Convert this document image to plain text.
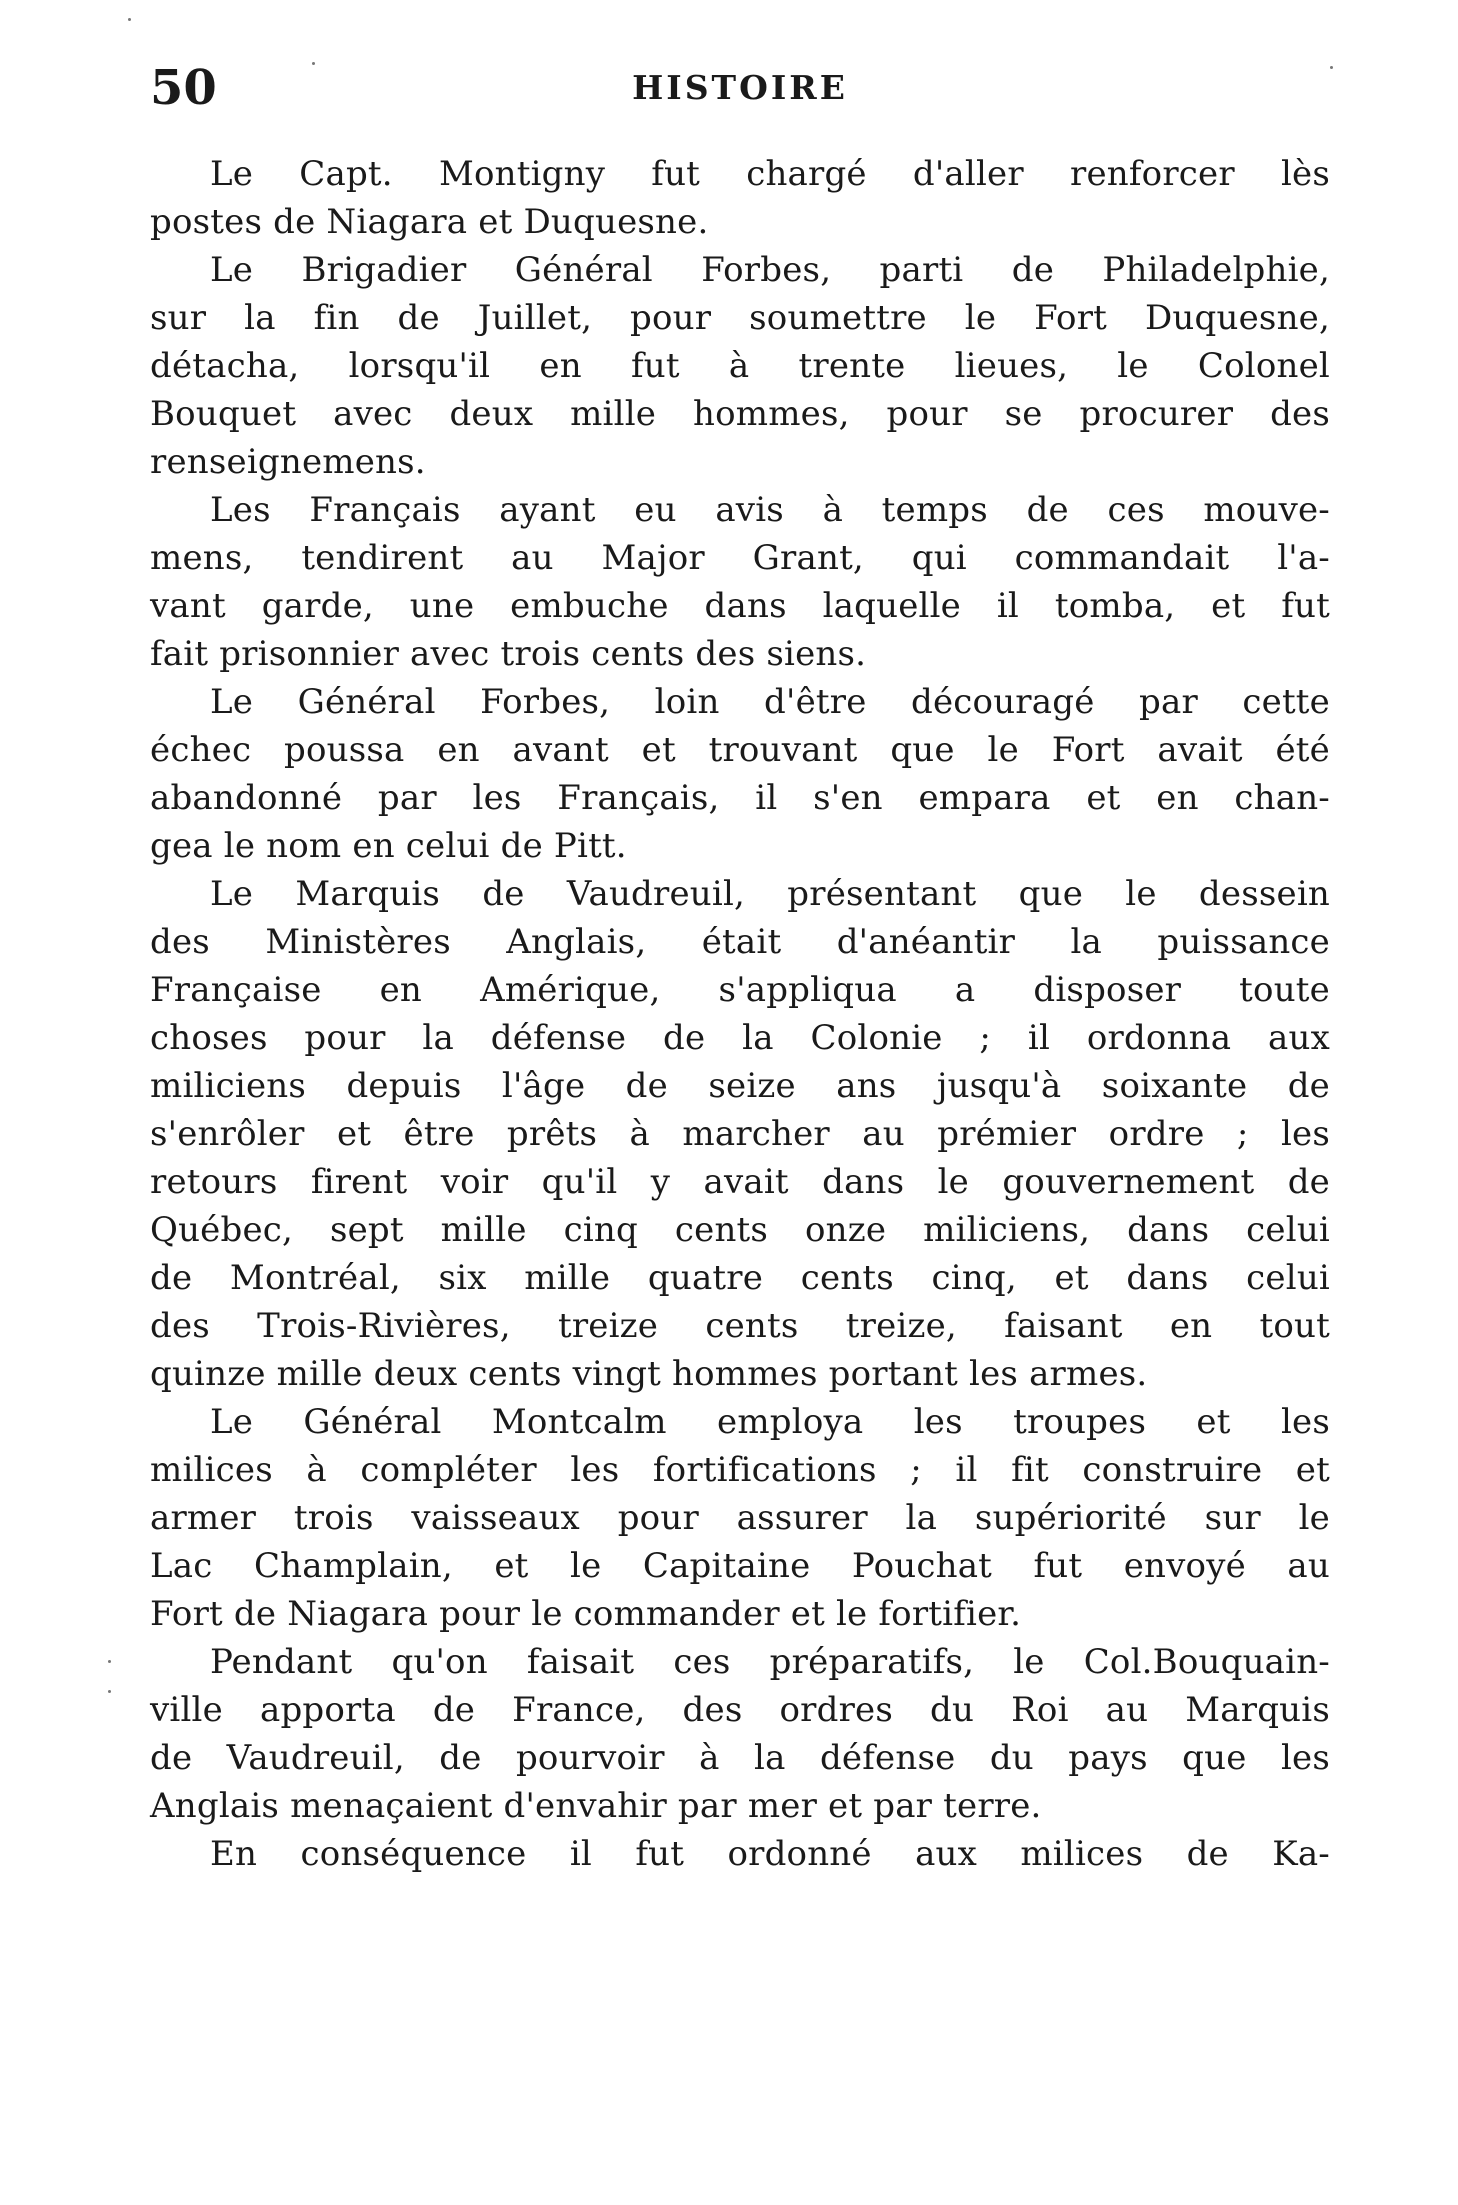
50	HISTOIRE
Le Capt. Montigny fut chargé d'aller renforcer lès
postes de Niagara et Duquesne.
Le Brigadier Général Forbes, parti de Philadelphie,
sur la fin de Juillet, pour soumettre le Fort Duquesne,
détacha, lorsqu'il en fut à trente lieues, le Colonel
Bouquet avec deux mille hommes, pour se procurer des
renseignemens.
Les Français ayant eu avis à temps de ces mouve-
mens, tendirent au Major Grant, qui commandait l'a-
vant garde, une embuche dans laquelle il tomba, et fut
fait prisonnier avec trois cents des siens.
Le Général Forbes, loin d'être découragé par cette
échec poussa en avant et trouvant que le Fort avait été
abandonné par les Français, il s'en empara et en chan-
gea le nom en celui de Pitt.
Le Marquis de Vaudreuil, présentant que le dessein
des Ministères Anglais, était d'anéantir la puissance
Française en Amérique, s'appliqua a disposer toute
choses pour la défense de la Colonie ; il ordonna aux
miliciens depuis l'âge de seize ans jusqu'à soixante de
s'enrôler et être prêts à marcher au prémier ordre ; les
retours firent voir qu'il y avait dans le gouvernement de
Québec, sept mille cinq cents onze miliciens, dans celui
de Montréal, six mille quatre cents cinq, et dans celui
des Trois-Rivières, treize cents treize, faisant en tout
quinze mille deux cents vingt hommes portant les armes.
Le Général Montcalm employa les troupes et les
milices à compléter les fortifications ; il fit construire et
armer trois vaisseaux pour assurer la supériorité sur le
Lac Champlain, et le Capitaine Pouchat fut envoyé au
Fort de Niagara pour le commander et le fortifier.
Pendant qu'on faisait ces préparatifs, le Col.Bouquain-
ville apporta de France, des ordres du Roi au Marquis
de Vaudreuil, de pourvoir à la défense du pays que les
Anglais menaçaient d'envahir par mer et par terre.
En conséquence il fut ordonné aux milices de Ka-
